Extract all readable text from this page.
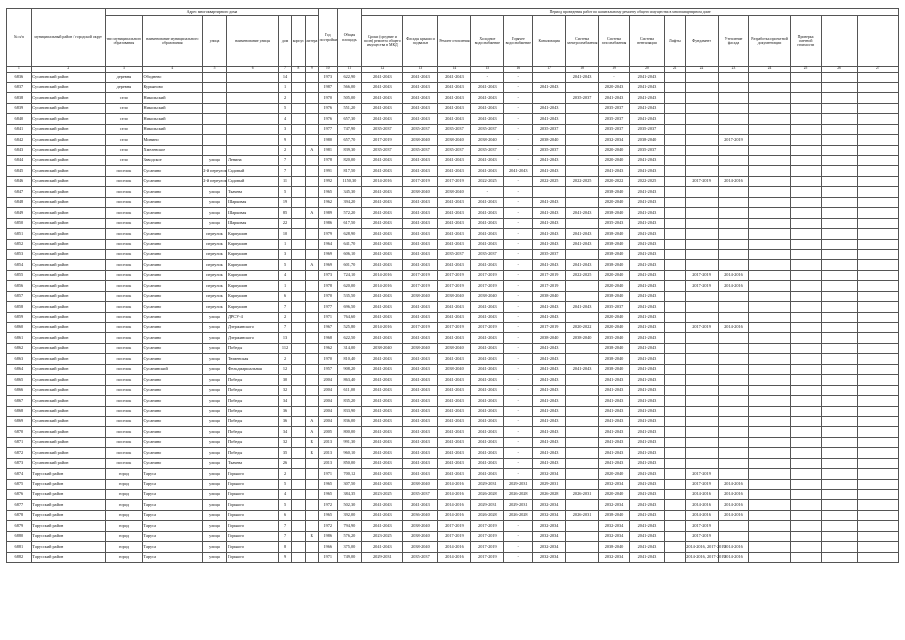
№ п/п	муниципальный район / городской округ	Адрес многоквартирного дома							Год постройки	Общая площадь	Период проведения работ по капитальному ремонту общего имущества в многоквартирном доме															
		тип муниципального образования	наименование муниципального образования	улица	наименование улицы	дом	корпус	литера			Сроки (средние и полн) ремонта общего имущества в МКД	Фасады крыши и подвальн	Ремонт отопления	Холодное водоснабжение	Горячее водоснабжение	Канализация	Система электроснабжения	Система газоснабжения	Система вентиляции	Лифты	Фундамент	Утепление фасада	Разработка проектной документации	Проверка сметной стоимости		
1	2	3	4	5	6	7	8	9	10	11	12	13	14	15	16	17	18	19	20	21	22	23	24	25	26	27
6836	Сусанинский район	деревня	Ободнево			14			1973	622,90	2041-2043	2041-2043	2041-2043	-	-		2041-2043	-	2041-2043							
6837	Сусанинский район	деревня	Курьяново			1			1987	566,00	2041-2043	2041-2043	2041-2043	2041-2043	-	2041-2043		2020-2043	2041-2043							
6838	Сусанинский район	село	Никольский			2			1970	505,00	2041-2043	2041-2043	2041-2043	2041-2043	-		2035-2037	2041-2043	2041-2043							
6839	Сусанинский район	село	Никольский			5			1976	551,20	2041-2043	2041-2043	2041-2043	2041-2043	-	2041-2043		2035-2037	2041-2043							
6840	Сусанинский район	село	Никольский			4			1976	657,30	2041-2043	2041-2043	2041-2043	2041-2043	-	2041-2043		2035-2037	2041-2043							
6841	Сусанинский район	село	Никольский			3			1977	747,90	2035-2037	2035-2037	2035-2037	2035-2037	-	2035-2037		2035-2037	2035-2037							
6842	Сусанинский район	село	Минино			9			1980	657,70	2017-2019	2038-2040	2038-2040	2038-2040	-	2038-2040		2032-2034	2038-2040			2017-2019				
6843	Сусанинский район	село	Хмелевское			2		А	1981	839,30	2035-2037	2035-2037	2035-2037	2035-2037	-	2035-2037		2020-2040	2035-2037							
6844	Сусанинский район	село	Заводское	улица	Ленина	7			1978	820,00	2041-2043	2041-2043	2041-2043	2041-2043	-	2041-2043		2020-2040	2041-2043							
6845	Сусанинский район	поселок	Сусанино	2-й переулок	Садовый	7			1991	817,50	2041-2043	2041-2043	2041-2043	2041-2043	2041-2043	2041-2043		2041-2043	2041-2043							
6846	Сусанинский район	поселок	Сусанино	2-й переулок	Садовый	11			1992	1150,30	2014-2016	2017-2019	2017-2019	2022-2025	-	2022-2025	2022-2025	2020-2022	2022-2025		2017-2019	2014-2016				
6847	Сусанинский район	поселок	Сусанино	улица	Ткачева	5			1965	345,30	2041-2043	2038-2040	2038-2040	-	-			2038-2040	2041-2043							
6848	Сусанинский район	поселок	Сусанино	улица	Шарковая	19			1962	394,20	2041-2043	2041-2043	2041-2043	2041-2043	-	2041-2043		2020-2040	2041-2043							
6849	Сусанинский район	поселок	Сусанино	улица	Шарковая	85		А	1989	572,20	2041-2043	2041-2043	2041-2043	2041-2043	-	2041-2043	2041-2043	2038-2040	2041-2043							
6850	Сусанинский район	поселок	Сусанино	улица	Шарковая	22			1986	617,50	2041-2043	2041-2043	2041-2043	2041-2043	-	2041-2043		2035-2043	2041-2043							
6851	Сусанинский район	поселок	Сусанино	переулок	Карпушин	10			1979	628,90	2041-2043	2041-2043	2041-2043	2041-2043	-	2041-2043	2041-2043	2038-2040	2041-2043							
6852	Сусанинский район	поселок	Сусанино	переулок	Карпушин	1			1964	641,70	2041-2043	2041-2043	2041-2043	2041-2043	-	2041-2043	2041-2043	2038-2040	2041-2043							
6853	Сусанинский район	поселок	Сусанино	переулок	Карпушин	3			1969	606,10	2041-2043	2041-2043	2035-2037	2035-2037	-	2035-2037		2038-2040	2041-2043							
6854	Сусанинский район	поселок	Сусанино	переулок	Карпушин	5		А	1969	601,70	2041-2043	2041-2043	2041-2043	2041-2043	-	2041-2043	2041-2043	2038-2040	2041-2043							
6855	Сусанинский район	поселок	Сусанино	переулок	Карпушин	4			1973	724,10	2014-2016	2017-2019	2017-2019	2017-2019	-	2017-2019	2022-2025	2020-2040	2041-2043		2017-2019	2014-2016				
6856	Сусанинский район	поселок	Сусанино	переулок	Карпушин	1			1978	620,00	2014-2016	2017-2019	2017-2019	2017-2019	-	2017-2019		2020-2040	2041-2043		2017-2019	2014-2016				
6857	Сусанинский район	поселок	Сусанино	переулок	Карпушин	6			1970	535,50	2041-2043	2038-2040	2038-2040	2038-2040	-	2038-2040		2038-2040	2041-2043							
6858	Сусанинский район	поселок	Сусанино	переулок	Карпушин	7			1977	696,50	2041-2043	2041-2043	2041-2043	2041-2043	-	2041-2043	2041-2043	2035-2037	2041-2043							
6859	Сусанинский район	поселок	Сусанино	улица	ДРСУ-4	2			1971	764,60	2041-2043	2041-2043	2041-2043	2041-2043	-	2041-2043		2020-2040	2041-2043							
6860	Сусанинский район	поселок	Сусанино	улица	Дзержинского	7			1967	525,80	2014-2016	2017-2019	2017-2019	2017-2019	-	2017-2019	2020-2022	2020-2040	2041-2043		2017-2019	2014-2016				
6861	Сусанинский район	поселок	Сусанино	улица	Дзержинского	13			1968	622,50	2041-2043	2041-2043	2041-2043	2041-2043	-	2038-2040	2038-2040	2035-2040	2041-2043							
6862	Сусанинский район	поселок	Сусанино	улица	Победы	112			1962	314,00	2038-2040	2038-2040	2038-2040	2041-2043	-	2041-2043		2038-2040	2041-2043							
6863	Сусанинский район	поселок	Сусанино	улица	Тюменская	2			1970	810,40	2041-2043	2041-2043	2041-2043	2041-2043	-	2041-2043		2038-2040	2041-2043							
6864	Сусанинский район	поселок	Сусанинский	улица	Фельдмаршальная	12			1957	908,20	2041-2043	2041-2043	2038-2040	2041-2043	-	2041-2043	2041-2043	2038-2040	2041-2043							
6865	Сусанинский район	поселок	Сусанино	улица	Победы	30			2004	863,40	2041-2043	2041-2043	2041-2043	2041-2043	-	2041-2043		2041-2043	2041-2043							
6866	Сусанинский район	поселок	Сусанино	улица	Победы	32			2004	611,00	2041-2043	2041-2043	2041-2043	2041-2043	-	2041-2043		2041-2043	2041-2043							
6867	Сусанинский район	поселок	Сусанино	улица	Победы	34			2004	835,20	2041-2043	2041-2043	2041-2043	2041-2043	-	2041-2043		2041-2043	2041-2043							
6868	Сусанинский район	поселок	Сусанино	улица	Победы	36			2004	833,90	2041-2043	2041-2043	2041-2043	2041-2043	-	2041-2043		2041-2043	2041-2043							
6869	Сусанинский район	поселок	Сусанино	улица	Победы	36		А	2004	836,00	2041-2043	2041-2043	2041-2043	2041-2043	-	2041-2043		2041-2043	2041-2043							
6870	Сусанинский район	поселок	Сусанино	улица	Победы	34		А	2005	800,00	2041-2043	2041-2043	2041-2043	2041-2043	-	2041-2043		2041-2043	2041-2043							
6871	Сусанинский район	поселок	Сусанино	улица	Победы	32		Б	2013	991,30	2041-2043	2041-2043	2041-2043	2041-2043	-	2041-2043		2041-2043	2041-2043							
6872	Сусанинский район	поселок	Сусанино	улица	Победы	35		Б	2013	960,10	2041-2043	2041-2043	2041-2043	2041-2043	-	2041-2043		2041-2043	2041-2043							
6873	Сусанинский район	поселок	Сусанино	улица	Ткачева	26			2013	850,00	2041-2043	2041-2043	2041-2043	2041-2043	-	2041-2043		2041-2043	2041-2043							
6874	Тарусский район	город	Таруса	улица	Горького	2			1971	700,12	2041-2043	2041-2043	2041-2043	2041-2043	-	2032-2034		2020-2040	2041-2043		2017-2019					
6875	Тарусский район	город	Таруса	улица	Горького	5			1965	307,50	2041-2043	2038-2040	2014-2016	2029-2031	2029-2031	2029-2031		2032-2034	2041-2043		2017-2019	2014-2016				
6876	Тарусский район	город	Таруса	улица	Горького	4			1965	384,35	2023-2025	2035-2037	2014-2016	2026-2028	2026-2028	2026-2028	2026-2031	2020-2040	2041-2043		2014-2016	2014-2016				
6877	Тарусский район	город	Таруса	улица	Горького	5			1972	502,30	2041-2043	2041-2043	2014-2016	2029-2031	2029-2031	2032-2034		2032-2034	2041-2043		2014-2016	2014-2016				
6878	Тарусский район	город	Таруса	улица	Горького	6			1965	392,00	2041-2043	2036-2040	2014-2016	2026-2028	2026-2028	2032-2034	2026-2031	2038-2040	2041-2043		2014-2016	2014-2016				
6879	Тарусский район	город	Таруса	улица	Горького	7			1972	794,90	2041-2043	2038-2040	2017-2019	2017-2019	-	2032-2034		2032-2034	2041-2043		2017-2019					
6880	Тарусский район	город	Таруса	улица	Горького	7		Б	1986	576,20	2023-2025	2038-2040	2017-2019	2017-2019	-	2032-2034		2032-2034	2041-2043		2017-2019					
6881	Тарусский район	город	Таруса	улица	Горького	8			1966	375,00	2041-2043	2038-2040	2014-2016	2017-2019	-	2032-2034		2038-2040	2041-2043		2014-2016, 2017-2019	2014-2016				
6882	Тарусский район	город	Таруса	улица	Горького	9			1971	749,00	2029-2031	2035-2037	2014-2016	2017-2019	-	2032-2034		2032-2034	2041-2043		2014-2016, 2017-2019	2014-2016				
